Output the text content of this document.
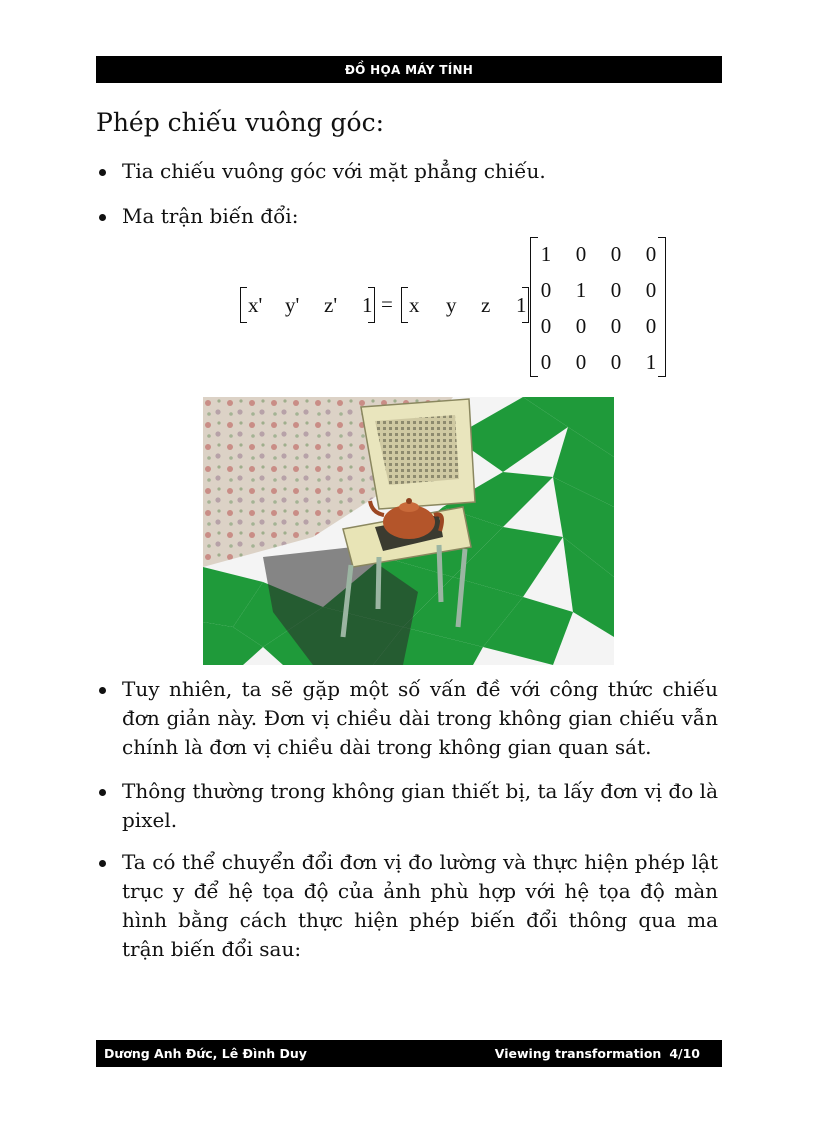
ĐỒ HỌA MÁY TÍNH
Phép chiếu vuông góc:
Tia chiếu vuông góc với mặt phẳng chiếu.
Ma trận biến đổi:
x' y' z' 1 = x y z 1
1 0 0 0
0 1 0 0
0 0 0 0
0 0 0 1
Tuy nhiên, ta sẽ gặp một số vấn đề với công thức chiếu đơn giản này. Đơn vị chiều dài trong không gian chiếu vẫn chính là đơn vị chiều dài trong không gian quan sát.
Thông thường trong không gian thiết bị, ta lấy đơn vị đo là pixel.
Ta có thể chuyển đổi đơn vị đo lường và thực hiện phép lật trục y để hệ tọa độ của ảnh phù hợp với hệ tọa độ màn hình bằng cách thực hiện phép biến đổi thông qua ma trận biến đổi sau:
Dương Anh Đức, Lê Đình Duy	Viewing transformation 4/10
